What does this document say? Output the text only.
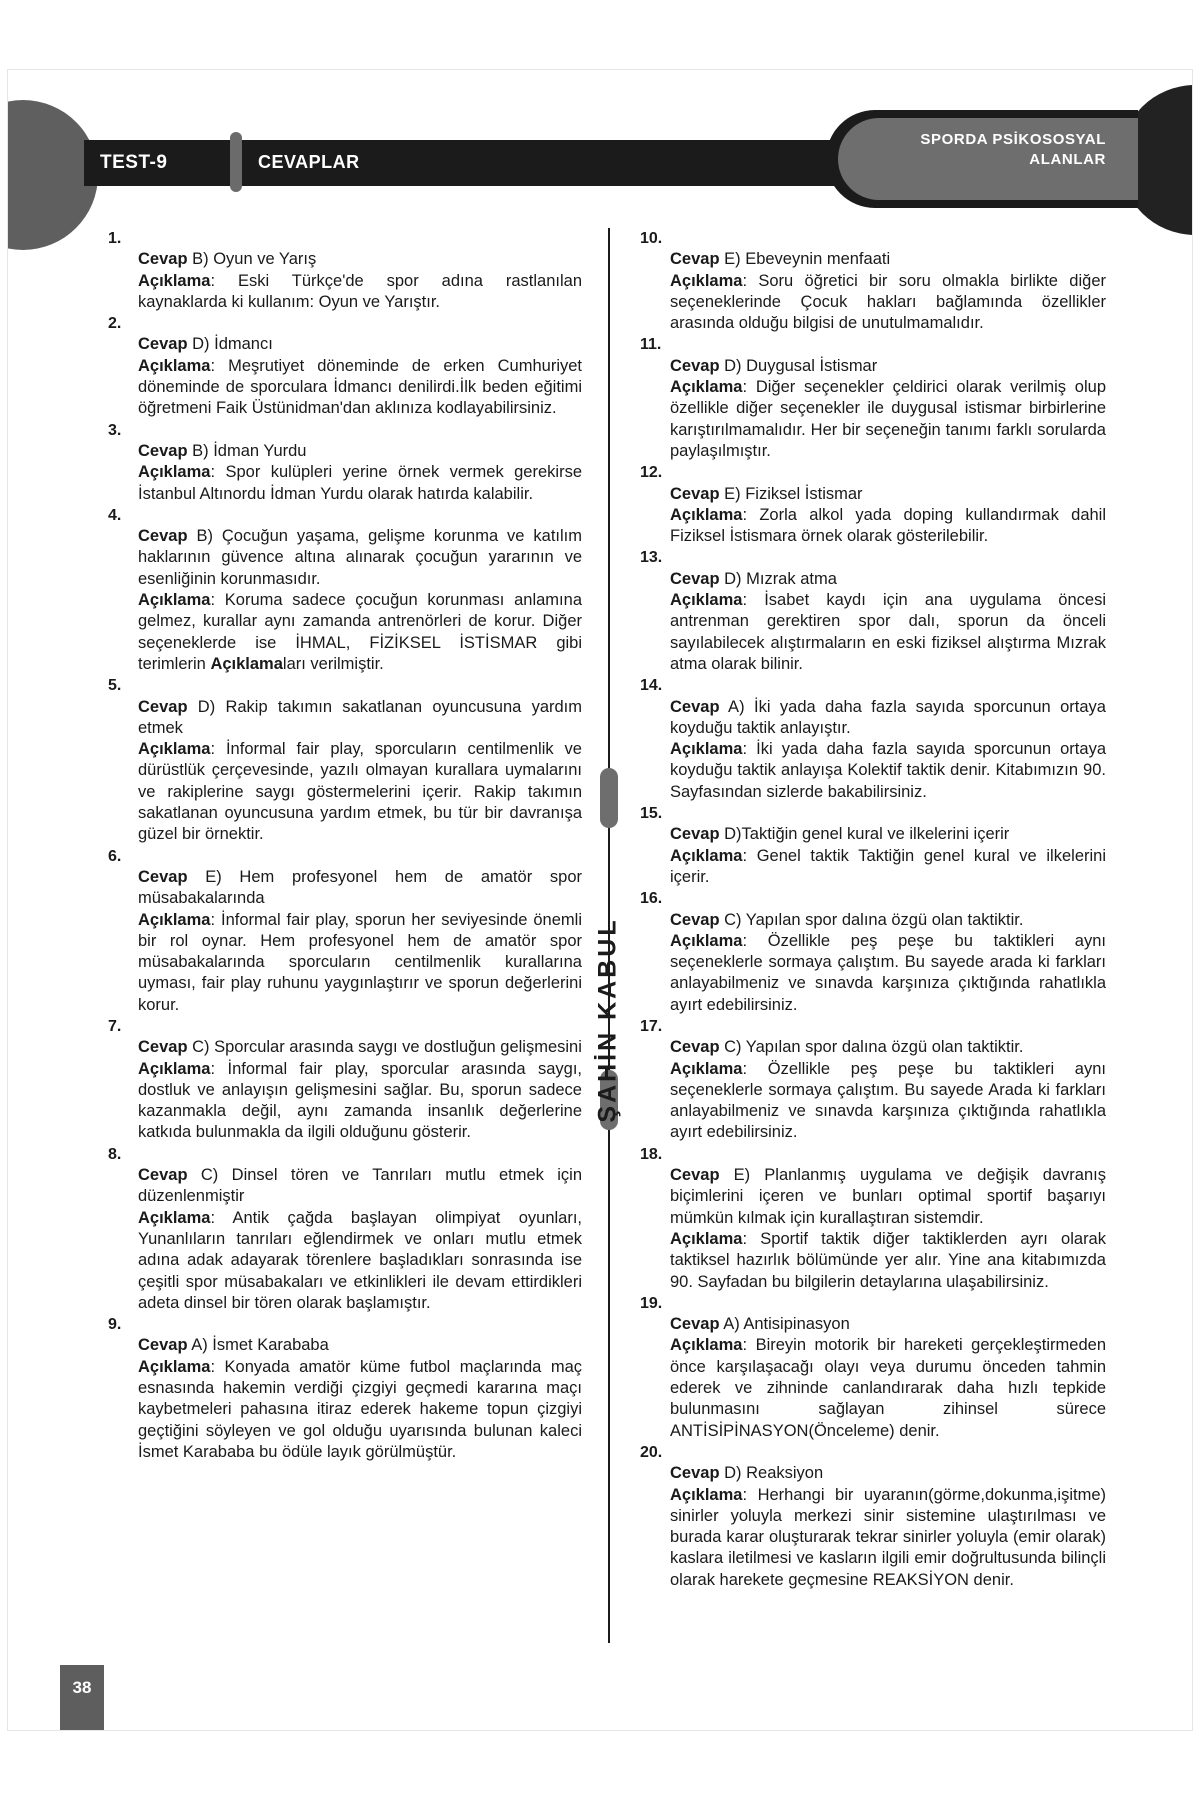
TEST-9	CEVAPLAR
SPORDA PSİKOSOSYAL
ALANLAR
ŞAHİN KABUL
1.

Cevap B) Oyun ve Yarış

Açıklama: Eski Türkçe'de spor adına rastlanılan kaynaklarda ki kullanım: Oyun ve Yarıştır.

2.

Cevap D) İdmancı

Açıklama: Meşrutiyet döneminde de erken Cumhuriyet döneminde de sporculara İdmancı denilirdi.İlk beden eğitimi öğretmeni Faik Üstünidman'dan aklınıza kodlayabilirsiniz.

3.

Cevap B) İdman Yurdu

Açıklama: Spor kulüpleri yerine örnek vermek gerekirse İstanbul Altınordu İdman Yurdu olarak hatırda kalabilir.

4.

Cevap B) Çocuğun yaşama, gelişme korunma ve katılım haklarının güvence altına alınarak çocuğun yararının ve esenliğinin korunmasıdır.

Açıklama: Koruma sadece çocuğun korunması anlamına gelmez, kurallar aynı zamanda antrenörleri de korur. Diğer seçeneklerde ise İHMAL, FİZİKSEL İSTİSMAR gibi terimlerin Açıklamaları verilmiştir.

5.

Cevap D) Rakip takımın sakatlanan oyuncusuna yardım etmek

Açıklama: İnformal fair play, sporcuların centilmenlik ve dürüstlük çerçevesinde, yazılı olmayan kurallara uymalarını ve rakiplerine saygı göstermelerini içerir. Rakip takımın sakatlanan oyuncusuna yardım etmek, bu tür bir davranışa güzel bir örnektir.

6.

Cevap E) Hem profesyonel hem de amatör spor müsabakalarında

Açıklama: İnformal fair play, sporun her seviyesinde önemli bir rol oynar. Hem profesyonel hem de amatör spor müsabakalarında sporcuların centilmenlik kurallarına uyması, fair play ruhunu yaygınlaştırır ve sporun değerlerini korur.

7.

Cevap C) Sporcular arasında saygı ve dostluğun gelişmesini

Açıklama: İnformal fair play, sporcular arasında saygı, dostluk ve anlayışın gelişmesini sağlar. Bu, sporun sadece kazanmakla değil, aynı zamanda insanlık değerlerine katkıda bulunmakla da ilgili olduğunu gösterir.

8.

Cevap C) Dinsel tören ve Tanrıları mutlu etmek için düzenlenmiştir

Açıklama: Antik çağda başlayan olimpiyat oyunları, Yunanlıların tanrıları eğlendirmek ve onları mutlu etmek adına adak adayarak törenlere başladıkları sonrasında ise çeşitli spor müsabakaları ve etkinlikleri ile devam ettirdikleri adeta dinsel bir tören olarak başlamıştır.

9.

Cevap A) İsmet Karababa

Açıklama: Konyada amatör küme futbol maçlarında maç esnasında hakemin verdiği çizgiyi geçmedi kararına maçı kaybetmeleri pahasına itiraz ederek hakeme topun çizgiyi geçtiğini söyleyen ve gol olduğu uyarısında bulunan kaleci İsmet Karababa bu ödüle layık görülmüştür.

10.

Cevap E) Ebeveynin menfaati

Açıklama: Soru öğretici bir soru olmakla birlikte diğer seçeneklerinde Çocuk hakları bağlamında özellikler arasında olduğu bilgisi de unutulmamalıdır.

11.

Cevap D) Duygusal İstismar

Açıklama: Diğer seçenekler çeldirici olarak verilmiş olup özellikle diğer seçenekler ile duygusal istismar birbirlerine karıştırılmamalıdır. Her bir seçeneğin tanımı farklı sorularda paylaşılmıştır.

12.

Cevap E) Fiziksel İstismar

Açıklama: Zorla alkol yada doping kullandırmak dahil Fiziksel İstismara örnek olarak gösterilebilir.

13.

Cevap D) Mızrak atma

Açıklama: İsabet kaydı için ana uygulama öncesi antrenman gerektiren spor dalı, sporun da önceli sayılabilecek alıştırmaların en eski fiziksel alıştırma Mızrak atma olarak bilinir.

14.

Cevap A) İki yada daha fazla sayıda sporcunun ortaya koyduğu taktik anlayıştır.

Açıklama: İki yada daha fazla sayıda sporcunun ortaya koyduğu taktik anlayışa Kolektif taktik denir. Kitabımızın 90. Sayfasından sizlerde bakabilirsiniz.

15.

Cevap D)Taktiğin genel kural ve ilkelerini içerir

Açıklama: Genel taktik Taktiğin genel kural ve ilkelerini içerir.

16.

Cevap C) Yapılan spor dalına özgü olan taktiktir.

Açıklama: Özellikle peş peşe bu taktikleri aynı seçeneklerle sormaya çalıştım. Bu sayede arada ki farkları anlayabilmeniz ve sınavda karşınıza çıktığında rahatlıkla ayırt edebilirsiniz.

17.

Cevap C) Yapılan spor dalına özgü olan taktiktir.

Açıklama: Özellikle peş peşe bu taktikleri aynı seçeneklerle sormaya çalıştım. Bu sayede Arada ki farkları anlayabilmeniz ve sınavda karşınıza çıktığında rahatlıkla ayırt edebilirsiniz.

18.

Cevap E) Planlanmış uygulama ve değişik davranış biçimlerini içeren ve bunları optimal sportif başarıyı mümkün kılmak için kurallaştıran sistemdir.

Açıklama: Sportif taktik diğer taktiklerden ayrı olarak taktiksel hazırlık bölümünde yer alır. Yine ana kitabımızda 90. Sayfadan bu bilgilerin detaylarına ulaşabilirsiniz.

19.

Cevap A) Antisipinasyon

Açıklama: Bireyin motorik bir hareketi gerçekleştirmeden önce karşılaşacağı olayı veya durumu önceden tahmin ederek ve zihninde canlandırarak daha hızlı tepkide bulunmasını sağlayan zihinsel sürece ANTİSİPİNASYON(Önceleme) denir.

20.

Cevap D) Reaksiyon

Açıklama: Herhangi bir uyaranın(görme,dokunma,işitme) sinirler yoluyla merkezi sinir sistemine ulaştırılması ve burada karar oluşturarak tekrar sinirler yoluyla (emir olarak) kaslara iletilmesi ve kasların ilgili emir doğrultusunda bilinçli olarak harekete geçmesine REAKSİYON denir.

38
